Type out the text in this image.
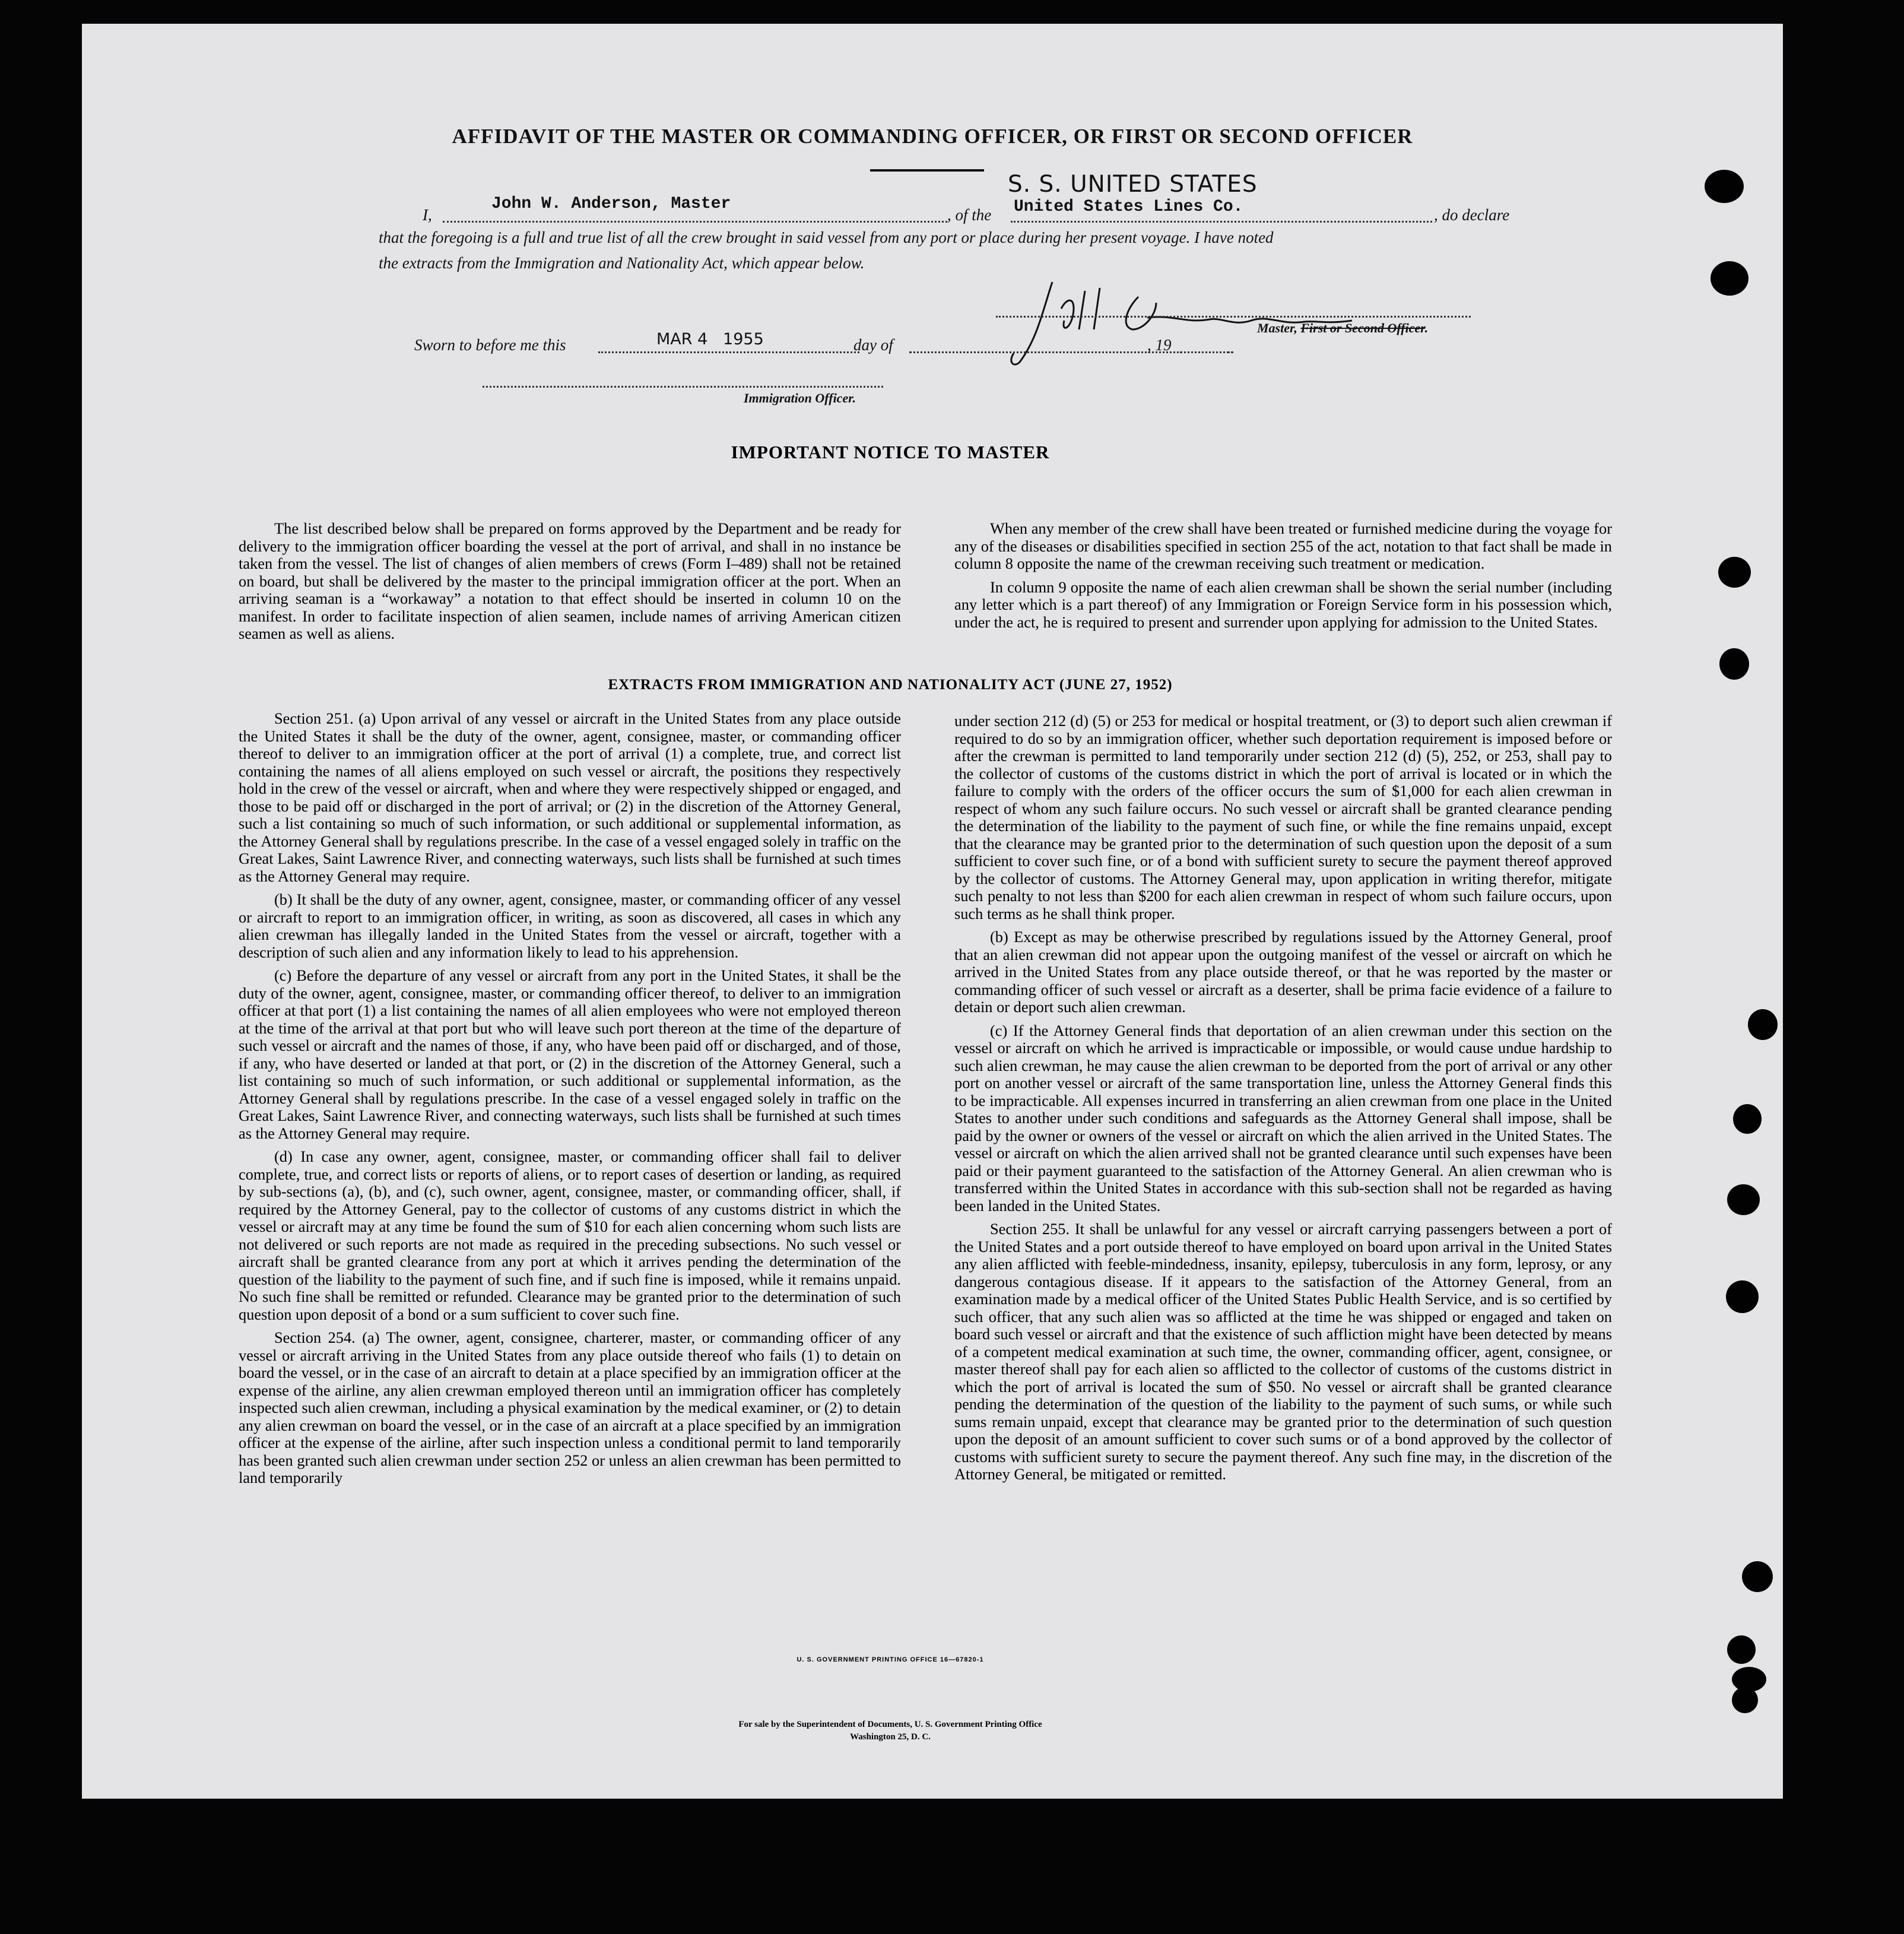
AFFIDAVIT OF THE MASTER OR COMMANDING OFFICER, OR FIRST OR SECOND OFFICER
S. S. UNITED STATES
I,
John W. Anderson, Master
, of the United States Lines Co.	, do declare
that the foregoing is a full and true list of all the crew brought in said vessel from any port or place during her present voyage. I have noted
the extracts from the Immigration and Nationality Act, which appear below.
Master, First or Second Officer.
Sworn to before me this	MAR 4   1955	day of	, 19
Immigration Officer.
IMPORTANT NOTICE TO MASTER

The list described below shall be prepared on forms approved by the Department and be ready for delivery to the immigration officer boarding the vessel at the port of arrival, and shall in no instance be taken from the vessel. The list of changes of alien members of crews (Form I–489) shall not be retained on board, but shall be delivered by the master to the principal immigration officer at the port. When an arriving seaman is a “workaway” a notation to that effect should be inserted in column 10 on the manifest. In order to facilitate inspection of alien seamen, include names of arriving American citizen seamen as well as aliens.

When any member of the crew shall have been treated or furnished medicine during the voyage for any of the diseases or disabilities specified in section 255 of the act, notation to that fact shall be made in column 8 opposite the name of the crewman receiving such treatment or medication.

In column 9 opposite the name of each alien crewman shall be shown the serial number (including any letter which is a part thereof) of any Immigration or Foreign Service form in his possession which, under the act, he is required to present and surrender upon applying for admission to the United States.

EXTRACTS FROM IMMIGRATION AND NATIONALITY ACT (JUNE 27, 1952)

Section 251. (a) Upon arrival of any vessel or aircraft in the United States from any place outside the United States it shall be the duty of the owner, agent, consignee, master, or commanding officer thereof to deliver to an immigration officer at the port of arrival (1) a complete, true, and correct list containing the names of all aliens employed on such vessel or aircraft, the positions they respectively hold in the crew of the vessel or aircraft, when and where they were respectively shipped or engaged, and those to be paid off or discharged in the port of arrival; or (2) in the discretion of the Attorney General, such a list containing so much of such information, or such additional or supplemental information, as the Attorney General shall by regulations prescribe. In the case of a vessel engaged solely in traffic on the Great Lakes, Saint Lawrence River, and connecting waterways, such lists shall be furnished at such times as the Attorney General may require.

(b) It shall be the duty of any owner, agent, consignee, master, or commanding officer of any vessel or aircraft to report to an immigration officer, in writing, as soon as discovered, all cases in which any alien crewman has illegally landed in the United States from the vessel or aircraft, together with a description of such alien and any information likely to lead to his apprehension.

(c) Before the departure of any vessel or aircraft from any port in the United States, it shall be the duty of the owner, agent, consignee, master, or commanding officer thereof, to deliver to an immigration officer at that port (1) a list containing the names of all alien employees who were not employed thereon at the time of the arrival at that port but who will leave such port thereon at the time of the departure of such vessel or aircraft and the names of those, if any, who have been paid off or discharged, and of those, if any, who have deserted or landed at that port, or (2) in the discretion of the Attorney General, such a list containing so much of such information, or such additional or supplemental information, as the Attorney General shall by regulations prescribe. In the case of a vessel engaged solely in traffic on the Great Lakes, Saint Lawrence River, and connecting waterways, such lists shall be furnished at such times as the Attorney General may require.

(d) In case any owner, agent, consignee, master, or commanding officer shall fail to deliver complete, true, and correct lists or reports of aliens, or to report cases of desertion or landing, as required by sub-sections (a), (b), and (c), such owner, agent, consignee, master, or commanding officer, shall, if required by the Attorney General, pay to the collector of customs of any customs district in which the vessel or aircraft may at any time be found the sum of $10 for each alien concerning whom such lists are not delivered or such reports are not made as required in the preceding subsections. No such vessel or aircraft shall be granted clearance from any port at which it arrives pending the determination of the question of the liability to the payment of such fine, and if such fine is imposed, while it remains unpaid. No such fine shall be remitted or refunded. Clearance may be granted prior to the determination of such question upon deposit of a bond or a sum sufficient to cover such fine.

Section 254. (a) The owner, agent, consignee, charterer, master, or commanding officer of any vessel or aircraft arriving in the United States from any place outside thereof who fails (1) to detain on board the vessel, or in the case of an aircraft to detain at a place specified by an immigration officer at the expense of the airline, any alien crewman employed thereon until an immigration officer has completely inspected such alien crewman, including a physical examination by the medical examiner, or (2) to detain any alien crewman on board the vessel, or in the case of an aircraft at a place specified by an immigration officer at the expense of the airline, after such inspection unless a conditional permit to land temporarily has been granted such alien crewman under section 252 or unless an alien crewman has been permitted to land temporarily

under section 212 (d) (5) or 253 for medical or hospital treatment, or (3) to deport such alien crewman if required to do so by an immigration officer, whether such deportation requirement is imposed before or after the crewman is permitted to land temporarily under section 212 (d) (5), 252, or 253, shall pay to the collector of customs of the customs district in which the port of arrival is located or in which the failure to comply with the orders of the officer occurs the sum of $1,000 for each alien crewman in respect of whom any such failure occurs. No such vessel or aircraft shall be granted clearance pending the determination of the liability to the payment of such fine, or while the fine remains unpaid, except that the clearance may be granted prior to the determination of such question upon the deposit of a sum sufficient to cover such fine, or of a bond with sufficient surety to secure the payment thereof approved by the collector of customs. The Attorney General may, upon application in writing therefor, mitigate such penalty to not less than $200 for each alien crewman in respect of whom such failure occurs, upon such terms as he shall think proper.

(b) Except as may be otherwise prescribed by regulations issued by the Attorney General, proof that an alien crewman did not appear upon the outgoing manifest of the vessel or aircraft on which he arrived in the United States from any place outside thereof, or that he was reported by the master or commanding officer of such vessel or aircraft as a deserter, shall be prima facie evidence of a failure to detain or deport such alien crewman.

(c) If the Attorney General finds that deportation of an alien crewman under this section on the vessel or aircraft on which he arrived is impracticable or impossible, or would cause undue hardship to such alien crewman, he may cause the alien crewman to be deported from the port of arrival or any other port on another vessel or aircraft of the same transportation line, unless the Attorney General finds this to be impracticable. All expenses incurred in transferring an alien crewman from one place in the United States to another under such conditions and safeguards as the Attorney General shall impose, shall be paid by the owner or owners of the vessel or aircraft on which the alien arrived in the United States. The vessel or aircraft on which the alien arrived shall not be granted clearance until such expenses have been paid or their payment guaranteed to the satisfaction of the Attorney General. An alien crewman who is transferred within the United States in accordance with this sub-section shall not be regarded as having been landed in the United States.

Section 255. It shall be unlawful for any vessel or aircraft carrying passengers between a port of the United States and a port outside thereof to have employed on board upon arrival in the United States any alien afflicted with feeble-mindedness, insanity, epilepsy, tuberculosis in any form, leprosy, or any dangerous contagious disease. If it appears to the satisfaction of the Attorney General, from an examination made by a medical officer of the United States Public Health Service, and is so certified by such officer, that any such alien was so afflicted at the time he was shipped or engaged and taken on board such vessel or aircraft and that the existence of such affliction might have been detected by means of a competent medical examination at such time, the owner, commanding officer, agent, consignee, or master thereof shall pay for each alien so afflicted to the collector of customs of the customs district in which the port of arrival is located the sum of $50. No vessel or aircraft shall be granted clearance pending the determination of the question of the liability to the payment of such sums, or while such sums remain unpaid, except that clearance may be granted prior to the determination of such question upon the deposit of an amount sufficient to cover such sums or of a bond approved by the collector of customs with sufficient surety to secure the payment thereof. Any such fine may, in the discretion of the Attorney General, be mitigated or remitted.

U. S. GOVERNMENT PRINTING OFFICE 16—67820-1
For sale by the Superintendent of Documents, U. S. Government Printing Office
Washington 25, D. C.
